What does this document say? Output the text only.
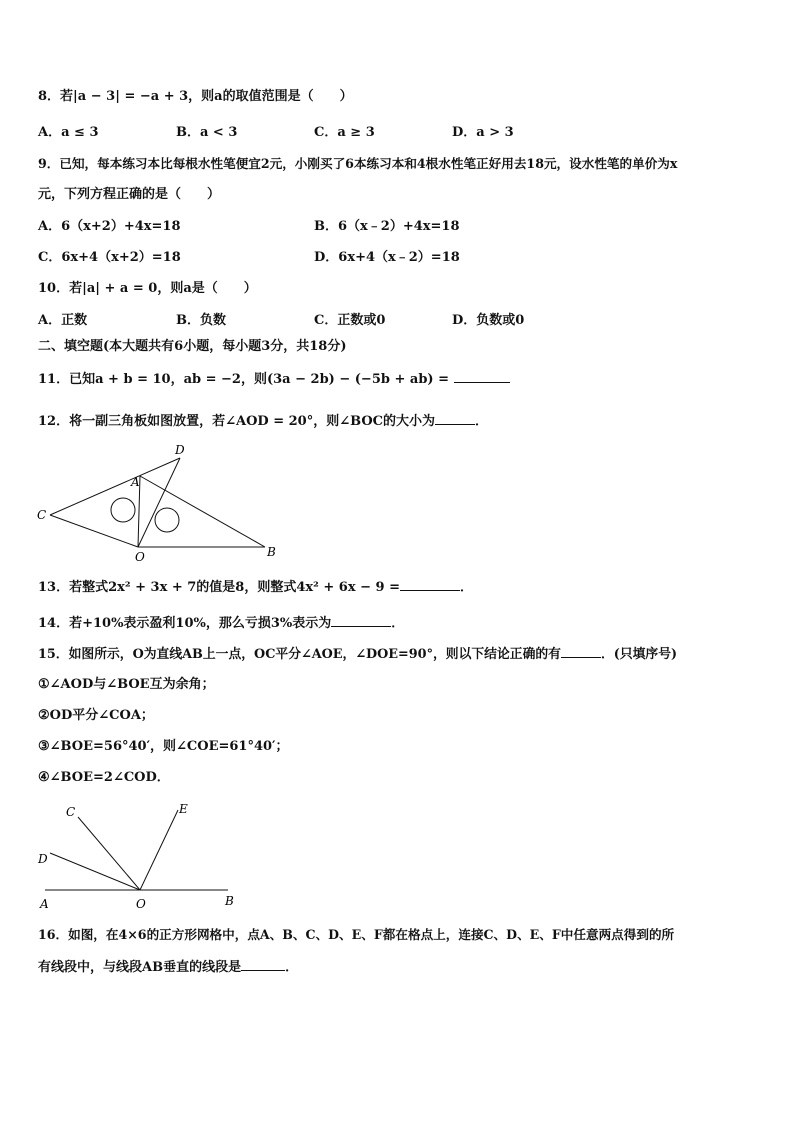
8．若|a − 3| = −a + 3，则a的取值范围是（　　）
A．a ≤ 3	B．a < 3	C．a ≥ 3	D．a > 3
9．已知，每本练习本比每根水性笔便宜2元，小刚买了6本练习本和4根水性笔正好用去18元，设水性笔的单价为x
元，下列方程正确的是（　　）
A．6（x+2）+4x=18	B．6（x﹣2）+4x=18
C．6x+4（x+2）=18	D．6x+4（x﹣2）=18
10．若|a| + a = 0，则a是（　　）
A．正数	B．负数	C．正数或0	D．负数或0
二、填空题(本大题共有6小题，每小题3分，共18分)
11．已知a + b = 10，ab = −2，则(3a − 2b) − (−5b + ab) =
12．将一副三角板如图放置，若∠AOD = 20°，则∠BOC的大小为	．
D
A
C
O	B
13．若整式2x² + 3x + 7的值是8，则整式4x² + 6x − 9 =	．
14．若+10%表示盈利10%，那么亏损3%表示为	．
15．如图所示，O为直线AB上一点，OC平分∠AOE，∠DOE=90°，则以下结论正确的有	．(只填序号)
①∠AOD与∠BOE互为余角；
②OD平分∠COA；
③∠BOE=56°40′，则∠COE=61°40′；
④∠BOE=2∠COD．
C	E
D
A	O	B
16．如图，在4×6的正方形网格中，点A、B、C、D、E、F都在格点上，连接C、D、E、F中任意两点得到的所
有线段中，与线段AB垂直的线段是	．
